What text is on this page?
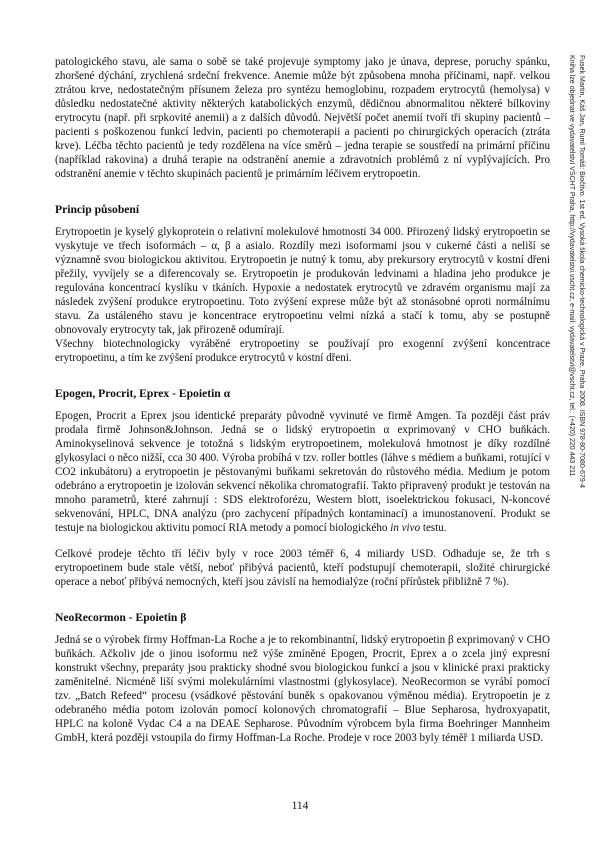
patologického stavu, ale sama o sobě se také projevuje symptomy jako je únava, deprese, poruchy spánku, zhoršené dýchání, zrychlená srdeční frekvence. Anemie může být způsobena mnoha příčinami, např. velkou ztrátou krve, nedostatečným přísunem železa pro syntézu hemoglobinu, rozpadem erytrocytů (hemolysa) v důsledku nedostatečné aktivity některých katabolických enzymů, dědičnou abnormalitou některé bílkoviny erytrocytu (např. při srpkovité anemii) a z dalších důvodů. Největší počet anemií tvoří tři skupiny pacientů – pacienti s poškozenou funkcí ledvin, pacienti po chemoterapii a pacienti po chirurgických operacích (ztráta krve). Léčba těchto pacientů je tedy rozdělena na více směrů – jedna terapie se soustředí na primární příčinu (například rakovina) a druhá terapie na odstranění anemie a zdravotních problémů z ní vyplývajících. Pro odstranění anemie v těchto skupinách pacientů je primárním léčivem erytropoetin.

Princip působení

Erytropoetin je kyselý glykoprotein o relativní molekulové hmotnosti 34 000. Přirozený lidský erytropoetin se vyskytuje ve třech isoformách – α, β a asialo. Rozdíly mezi isoformami jsou v cukerné části a neliší se významně svou biologickou aktivitou. Erytropoetin je nutný k tomu, aby prekursory erytrocytů v kostní dřeni přežily, vyvíjely se a diferencovaly se. Erytropoetin je produkován ledvinami a hladina jeho produkce je regulována koncentrací kyslíku v tkáních. Hypoxie a nedostatek erytrocytů ve zdravém organismu mají za následek zvýšení produkce erytropoetinu. Toto zvýšení exprese může být až stonásobné oproti normálnímu stavu. Za ustáleného stavu je koncentrace erytropoetinu velmi nízká a stačí k tomu, aby se postupně obnovovaly erytrocyty tak, jak přirozeně odumírají.

Všechny biotechnologicky vyráběné erytropoetiny se používají pro exogenní zvýšení koncentrace erytropoetinu, a tím ke zvýšení produkce erytrocytů v kostní dřeni.

Epogen, Procrit, Eprex - Epoietin α

Epogen, Procrit a Eprex jsou identické preparáty původně vyvinuté ve firmě Amgen. Ta později část práv prodala firmě Johnson&Johnson. Jedná se o lidský erytropoetin α exprimovaný v CHO buňkách. Aminokyselinová sekvence je totožná s lidským erytropoetinem, molekulová hmotnost je díky rozdílné glykosylaci o něco nižší, cca 30 400. Výroba probíhá v tzv. roller bottles (láhve s médiem a buňkami, rotující v CO2 inkubátoru) a erytropoetin je pěstovanými buňkami sekretován do růstového média. Medium je potom odebráno a erytropoetin je izolován sekvencí několika chromatografií. Takto připravený produkt je testován na mnoho parametrů, které zahrnují : SDS elektroforézu, Western blott, isoelektrickou fokusaci, N-koncové sekvenování, HPLC, DNA analýzu (pro zachycení případných kontaminací) a imunostanovení. Produkt se testuje na biologickou aktivitu pomocí RIA metody a pomocí biologického in vivo testu.

Celkové prodeje těchto tří léčiv byly v roce 2003 téměř 6, 4 miliardy USD. Odhaduje se, že trh s erytropoetinem bude stale větší, neboť přibývá pacientů, kteří podstupují chemoterapii, složité chirurgické operace a neboť přibývá nemocných, kteří jsou závislí na hemodialýze (roční přírůstek přibližně 7 %).

NeoRecormon - Epoietin β

Jedná se o výrobek firmy Hoffman-La Roche a je to rekombinantní, lidský erytropoetin β exprimovaný v CHO buňkách. Ačkoliv jde o jinou isoformu než výše zmíněné Epogen, Procrit, Eprex a o zcela jiný expresní konstrukt všechny, preparáty jsou prakticky shodné svou biologickou funkcí a jsou v klinické praxi prakticky zaměnitelné. Nicméně liší svými molekulárními vlastnostmi (glykosylace). NeoRecormon se vyrábí pomocí tzv. „Batch Refeed“ procesu (vsádkové pěstování buněk s opakovanou výměnou média). Erytropoetin je z odebraného média potom izolován pomocí kolonových chromatografií – Blue Sepharosa, hydroxyapatit, HPLC na koloně Vydac C4 a na DEAE Sepharose. Původním výrobcem byla firma Boehringer Mannheim GmbH, která později vstoupila do firmy Hoffman-La Roche. Prodeje v roce 2003 byly téměř 1 miliarda USD.

114
Fusek Martin, Káš Jan, Ruml Tomáš: Biočtivo. 1st ed. Vysoká škola chemicko-technologická v Praze, Praha 2008. ISBN 978-80-7080-679-4
Kniha lze objednat ve vydavatelství VŠCHT Praha, http://vydavatelstvi.vscht.cz, e-mail: vydavatelstvi@vscht.cz, tel.: (+420) 220 443 211
